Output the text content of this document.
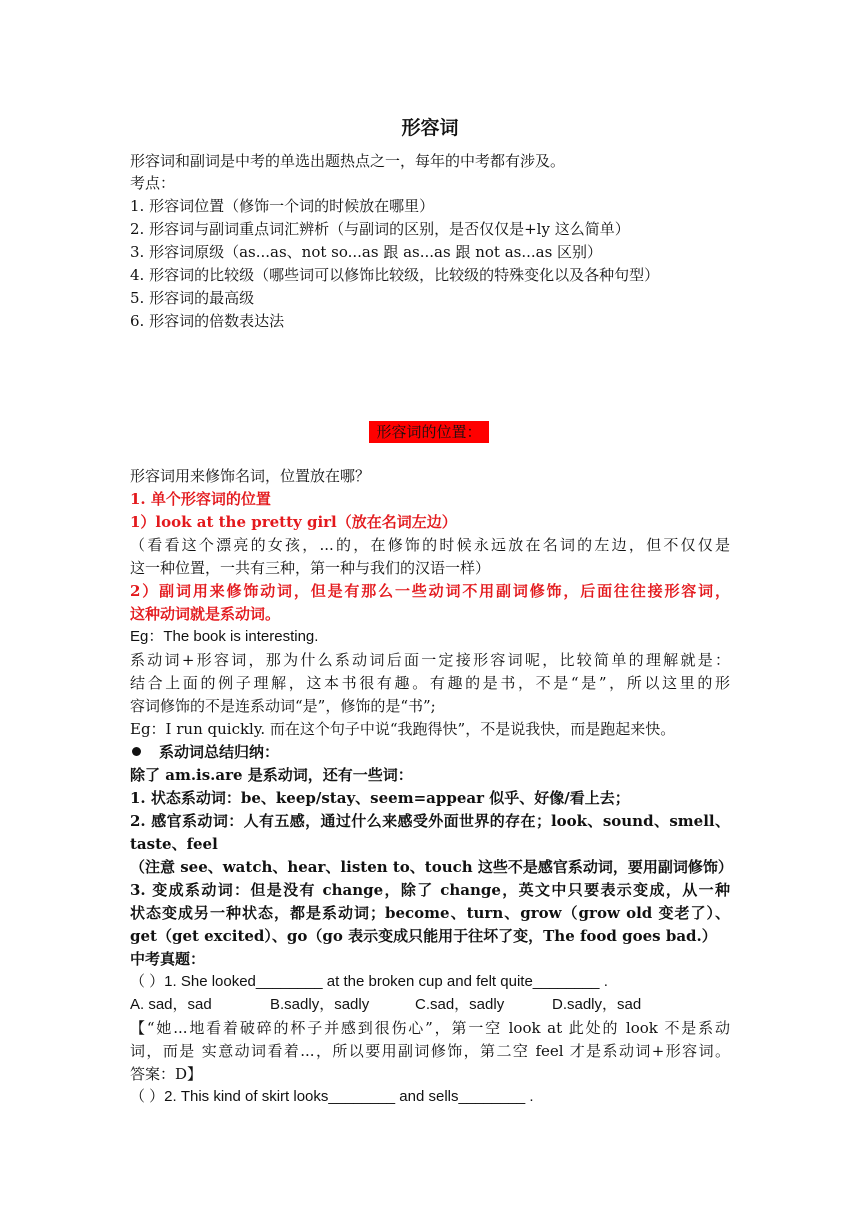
形容词
形容词和副词是中考的单选出题热点之一，每年的中考都有涉及。
考点：
1. 形容词位置（修饰一个词的时候放在哪里）
2. 形容词与副词重点词汇辨析（与副词的区别，是否仅仅是+ly 这么简单）
3. 形容词原级（as...as、not so...as 跟 as...as 跟 not as...as 区别）
4. 形容词的比较级（哪些词可以修饰比较级，比较级的特殊变化以及各种句型）
5. 形容词的最高级
6. 形容词的倍数表达法
形容词的位置：
形容词用来修饰名词，位置放在哪？
1. 单个形容词的位置
1）look at the pretty girl（放在名词左边）
（看看这个漂亮的女孩，...的，在修饰的时候永远放在名词的左边，但不仅仅是
这一种位置，一共有三种，第一种与我们的汉语一样）
2）副词用来修饰动词，但是有那么一些动词不用副词修饰，后面往往接形容词，
这种动词就是系动词。
Eg：The book is interesting.
系动词+形容词，那为什么系动词后面一定接形容词呢，比较简单的理解就是：
结合上面的例子理解，这本书很有趣。有趣的是书，不是“是”，所以这里的形
容词修饰的不是连系动词“是”，修饰的是“书”;
Eg：I run quickly. 而在这个句子中说“我跑得快”，不是说我快，而是跑起来快。
系动词总结归纳：
除了 am.is.are 是系动词，还有一些词：
1. 状态系动词：be、keep/stay、seem=appear 似乎、好像/看上去；
2. 感官系动词：人有五感，通过什么来感受外面世界的存在；look、sound、smell、
taste、feel
（注意 see、watch、hear、listen to、touch 这些不是感官系动词，要用副词修饰）
3. 变成系动词：但是没有 change，除了 change，英文中只要表示变成，从一种
状态变成另一种状态，都是系动词；become、turn、grow（grow old 变老了）、
get（get excited）、go（go 表示变成只能用于往坏了变，The food goes bad.）
中考真题：
（ ）1. She looked________ at the broken cup and felt quite________ .
A. sad，sad	B.sadly，sadly	C.sad，sadly	D.sadly，sad
【“她...地看着破碎的杯子并感到很伤心”，第一空 look at 此处的 look 不是系动
词，而是 实意动词看着...，所以要用副词修饰，第二空 feel 才是系动词+形容词。
答案：D】
（ ）2. This kind of skirt looks________ and sells________ .
